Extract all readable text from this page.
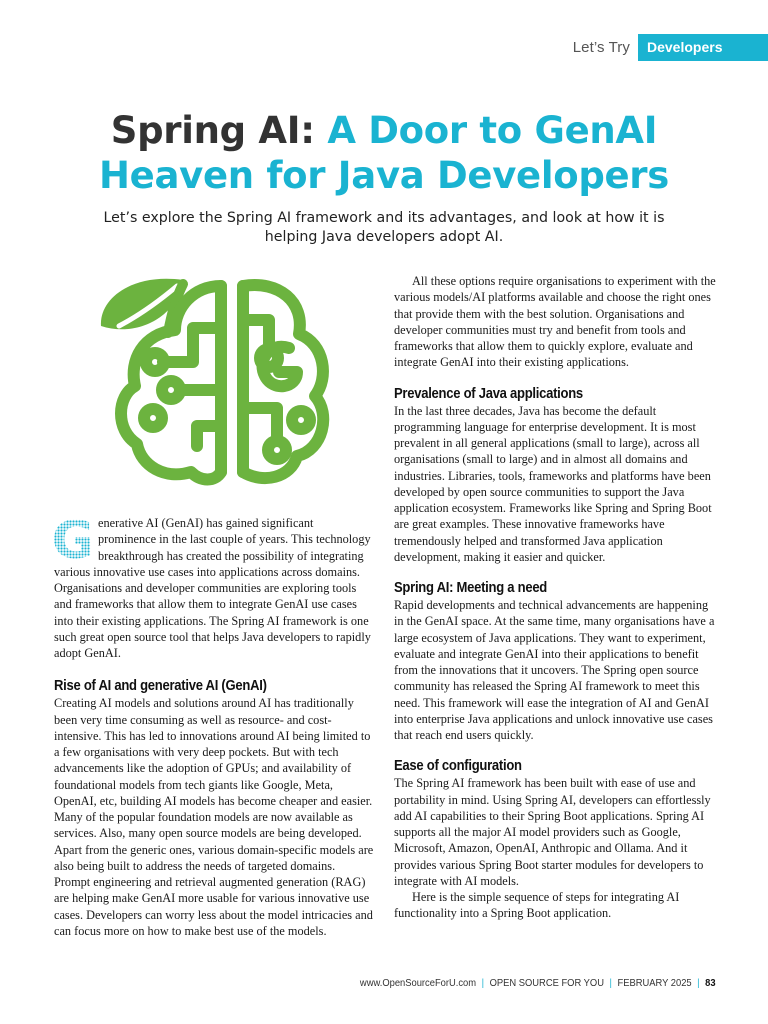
Let’s Try	Developers
Spring AI: A Door to GenAI
Heaven for Java Developers

Let’s explore the Spring AI framework and its advantages, and look at how it is helping Java developers adopt AI.

G enerative AI (GenAI) has gained significant prominence in the last couple of years. This technology breakthrough has created the possibility of integrating various innovative use cases into applications across domains. Organisations and developer communities are exploring tools and frameworks that allow them to integrate GenAI use cases into their existing applications. The Spring AI framework is one such great open source tool that helps Java developers to rapidly adopt GenAI.

Rise of AI and generative AI (GenAI)

Creating AI models and solutions around AI has traditionally been very time consuming as well as resource- and cost-intensive. This has led to innovations around AI being limited to a few organisations with very deep pockets. But with tech advancements like the adoption of GPUs; and availability of foundational models from tech giants like Google, Meta, OpenAI, etc, building AI models has become cheaper and easier. Many of the popular foundation models are now available as services. Also, many open source models are being developed. Apart from the generic ones, various domain-specific models are also being built to address the needs of targeted domains. Prompt engineering and retrieval augmented generation (RAG) are helping make GenAI more usable for various innovative use cases. Developers can worry less about the model intricacies and can focus more on how to make best use of the models.

All these options require organisations to experiment with the various models/AI platforms available and choose the right ones that provide them with the best solution. Organisations and developer communities must try and benefit from tools and frameworks that allow them to quickly explore, evaluate and integrate GenAI into their existing applications.

Prevalence of Java applications

In the last three decades, Java has become the default programming language for enterprise development. It is most prevalent in all general applications (small to large), across all organisations (small to large) and in almost all domains and industries. Libraries, tools, frameworks and platforms have been developed by open source communities to support the Java application ecosystem. Frameworks like Spring and Spring Boot are great examples. These innovative frameworks have tremendously helped and transformed Java application development, making it easier and quicker.

Spring AI: Meeting a need

Rapid developments and technical advancements are happening in the GenAI space. At the same time, many organisations have a large ecosystem of Java applications. They want to experiment, evaluate and integrate GenAI into their applications to benefit from the innovations that it uncovers. The Spring open source community has released the Spring AI framework to meet this need. This framework will ease the integration of AI and GenAI into enterprise Java applications and unlock innovative use cases that reach end users quickly.

Ease of configuration

The Spring AI framework has been built with ease of use and portability in mind. Using Spring AI, developers can effortlessly add AI capabilities to their Spring Boot applications. Spring AI supports all the major AI model providers such as Google, Microsoft, Amazon, OpenAI, Anthropic and Ollama. And it provides various Spring Boot starter modules for developers to integrate with AI models.

Here is the simple sequence of steps for integrating AI functionality into a Spring Boot application.

www.OpenSourceForU.com | OPEN SOURCE FOR YOU | FEBRUARY 2025 | 83
